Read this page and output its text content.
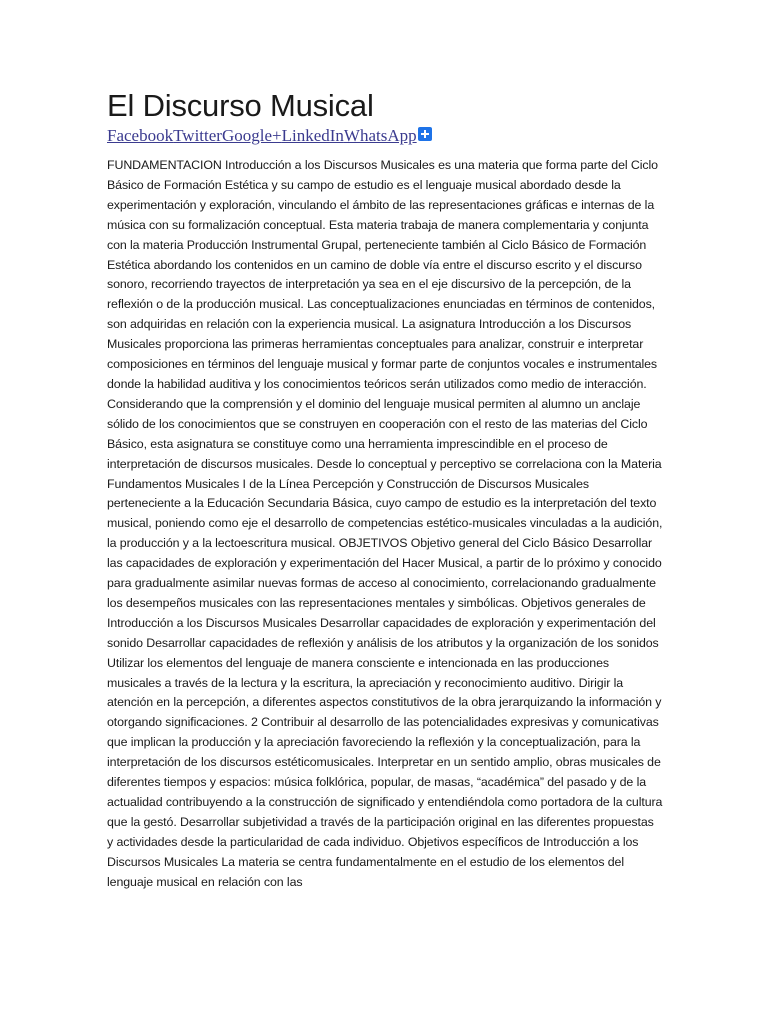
El Discurso Musical
Facebook Twitter Google+ LinkedIn WhatsApp

FUNDAMENTACION Introducción a los Discursos Musicales es una materia que forma parte del Ciclo Básico de Formación Estética y su campo de estudio es el lenguaje musical abordado desde la experimentación y exploración, vinculando el ámbito de las representaciones gráficas e internas de la música con su formalización conceptual. Esta materia trabaja de manera complementaria y conjunta con la materia Producción Instrumental Grupal, perteneciente también al Ciclo Básico de Formación Estética abordando los contenidos en un camino de doble vía entre el discurso escrito y el discurso sonoro, recorriendo trayectos de interpretación ya sea en el eje discursivo de la percepción, de la reflexión o de la producción musical. Las conceptualizaciones enunciadas en términos de contenidos, son adquiridas en relación con la experiencia musical. La asignatura Introducción a los Discursos Musicales proporciona las primeras herramientas conceptuales para analizar, construir e interpretar composiciones en términos del lenguaje musical y formar parte de conjuntos vocales e instrumentales donde la habilidad auditiva y los conocimientos teóricos serán utilizados como medio de interacción. Considerando que la comprensión y el dominio del lenguaje musical permiten al alumno un anclaje sólido de los conocimientos que se construyen en cooperación con el resto de las materias del Ciclo Básico, esta asignatura se constituye como una herramienta imprescindible en el proceso de interpretación de discursos musicales. Desde lo conceptual y perceptivo se correlaciona con la Materia Fundamentos Musicales I de la Línea Percepción y Construcción de Discursos Musicales perteneciente a la Educación Secundaria Básica, cuyo campo de estudio es la interpretación del texto musical, poniendo como eje el desarrollo de competencias estético-musicales vinculadas a la audición, la producción y a la lectoescritura musical. OBJETIVOS Objetivo general del Ciclo Básico Desarrollar las capacidades de exploración y experimentación del Hacer Musical, a partir de lo próximo y conocido para gradualmente asimilar nuevas formas de acceso al conocimiento, correlacionando gradualmente los desempeños musicales con las representaciones mentales y simbólicas. Objetivos generales de Introducción a los Discursos Musicales Desarrollar capacidades de exploración y experimentación del sonido Desarrollar capacidades de reflexión y análisis de los atributos y la organización de los sonidos Utilizar los elementos del lenguaje de manera consciente e intencionada en las producciones musicales a través de la lectura y la escritura, la apreciación y reconocimiento auditivo. Dirigir la atención en la percepción, a diferentes aspectos constitutivos de la obra jerarquizando la información y otorgando significaciones. 2 Contribuir al desarrollo de las potencialidades expresivas y comunicativas que implican la producción y la apreciación favoreciendo la reflexión y la conceptualización, para la interpretación de los discursos estéticomusicales. Interpretar en un sentido amplio, obras musicales de diferentes tiempos y espacios: música folklórica, popular, de masas, “académica” del pasado y de la actualidad contribuyendo a la construcción de significado y entendiéndola como portadora de la cultura que la gestó. Desarrollar subjetividad a través de la participación original en las diferentes propuestas y actividades desde la particularidad de cada individuo. Objetivos específicos de Introducción a los Discursos Musicales La materia se centra fundamentalmente en el estudio de los elementos del lenguaje musical en relación con las
